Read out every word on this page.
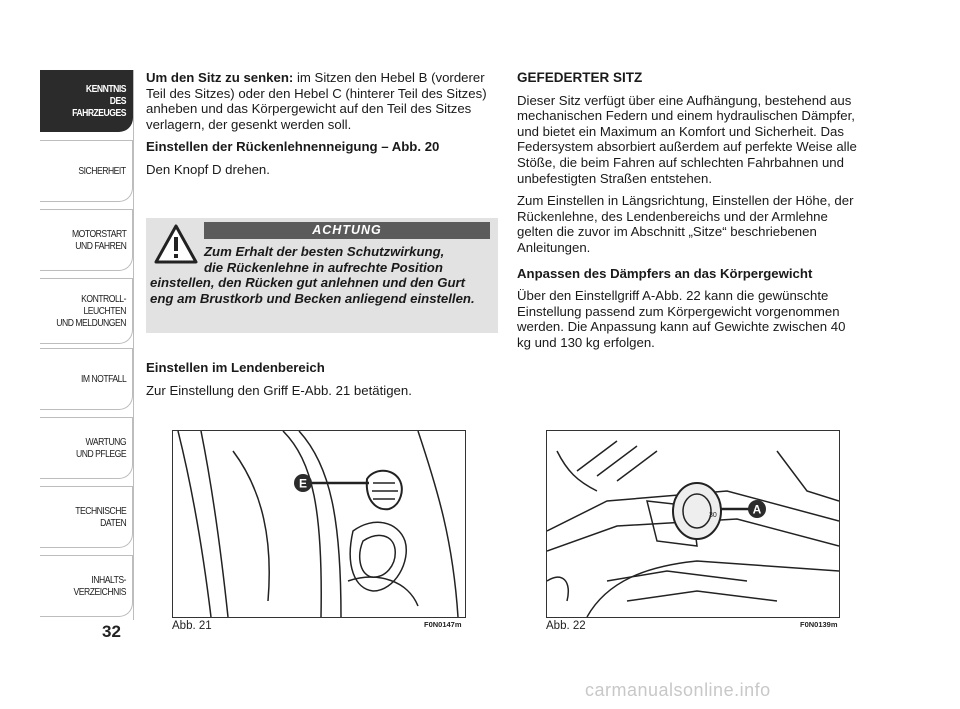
KENNTNIS
DES FAHRZEUGES
SICHERHEIT
MOTORSTART
UND FAHREN
KONTROLL-
LEUCHTEN
UND MELDUNGEN
IM NOTFALL
WARTUNG
UND PFLEGE
TECHNISCHE
DATEN
INHALTS-
VERZEICHNIS
32

Um den Sitz zu senken: im Sitzen den Hebel B (vorderer Teil des Sitzes) oder den Hebel C (hinterer Teil des Sitzes) anheben und das Körpergewicht auf den Teil des Sitzes verlagern, der gesenkt werden soll.

Einstellen der Rückenlehnenneigung – Abb. 20

Den Knopf D drehen.

ACHTUNG
Zum Erhalt der besten Schutzwirkung,
die Rückenlehne in aufrechte Position
einstellen, den Rücken gut anlehnen und den Gurt eng am Brustkorb und Becken anliegend einstellen.

Einstellen im Lendenbereich

Zur Einstellung den Griff E-Abb. 21 betätigen.

GEFEDERTER SITZ

Dieser Sitz verfügt über eine Aufhängung, bestehend aus mechanischen Federn und einem hydraulischen Dämpfer, und bietet ein Maximum an Komfort und Sicherheit. Das Federsystem absorbiert außerdem auf perfekte Weise alle Stöße, die beim Fahren auf schlechten Fahrbahnen und unbefestigten Straßen entstehen.

Zum Einstellen in Längsrichtung, Einstellen der Höhe, der Rückenlehne, des Lendenbereichs und der Armlehne gelten die zuvor im Abschnitt „Sitze“ beschriebenen Anleitungen.

Anpassen des Dämpfers an das Körpergewicht

Über den Einstellgriff A-Abb. 22 kann die gewünschte Einstellung passend zum Körpergewicht vorgenommen werden. Die Anpassung kann auf Gewichte zwischen 40 kg und 130 kg erfolgen.

E
Abb. 21	F0N0147m
30	A
Abb. 22	F0N0139m
carmanualsonline.info
